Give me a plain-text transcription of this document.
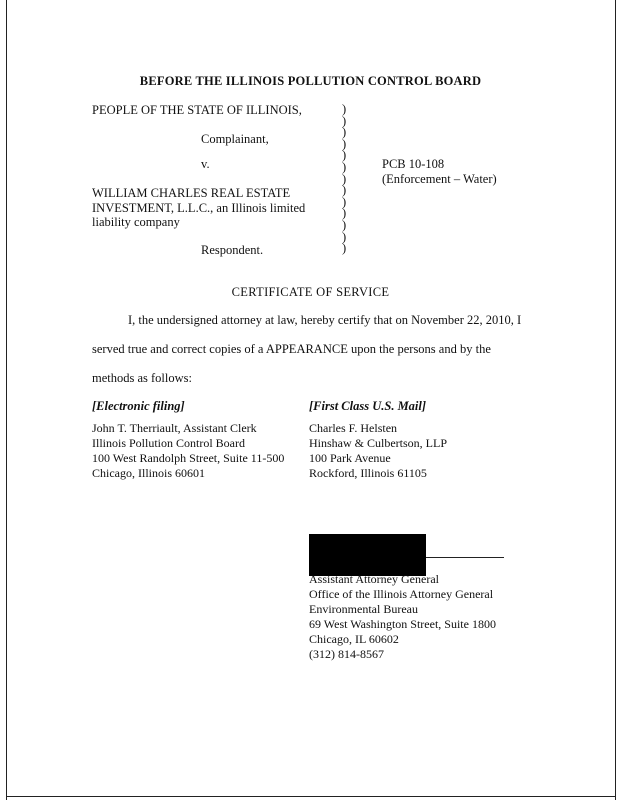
BEFORE THE ILLINOIS POLLUTION CONTROL BOARD
PEOPLE OF THE STATE OF ILLINOIS,
Complainant,
v.
WILLIAM CHARLES REAL ESTATE
INVESTMENT, L.L.C., an Illinois limited
liability company
Respondent.
)
)
)
)
)
)
)
)
)
)
)
)
)
PCB 10-108
(Enforcement – Water)
CERTIFICATE OF SERVICE
I, the undersigned attorney at law, hereby certify that on November 22, 2010, I
served true and correct copies of a APPEARANCE upon the persons and by the
methods as follows:
[Electronic filing]	[First Class U.S. Mail]
John T. Therriault, Assistant Clerk
Illinois Pollution Control Board
100 West Randolph Street, Suite 11-500
Chicago, Illinois 60601
Charles F. Helsten
Hinshaw & Culbertson, LLP
100 Park Avenue
Rockford, Illinois 61105
Assistant Attorney General
Office of the Illinois Attorney General
Environmental Bureau
69 West Washington Street, Suite 1800
Chicago, IL 60602
(312) 814-8567
